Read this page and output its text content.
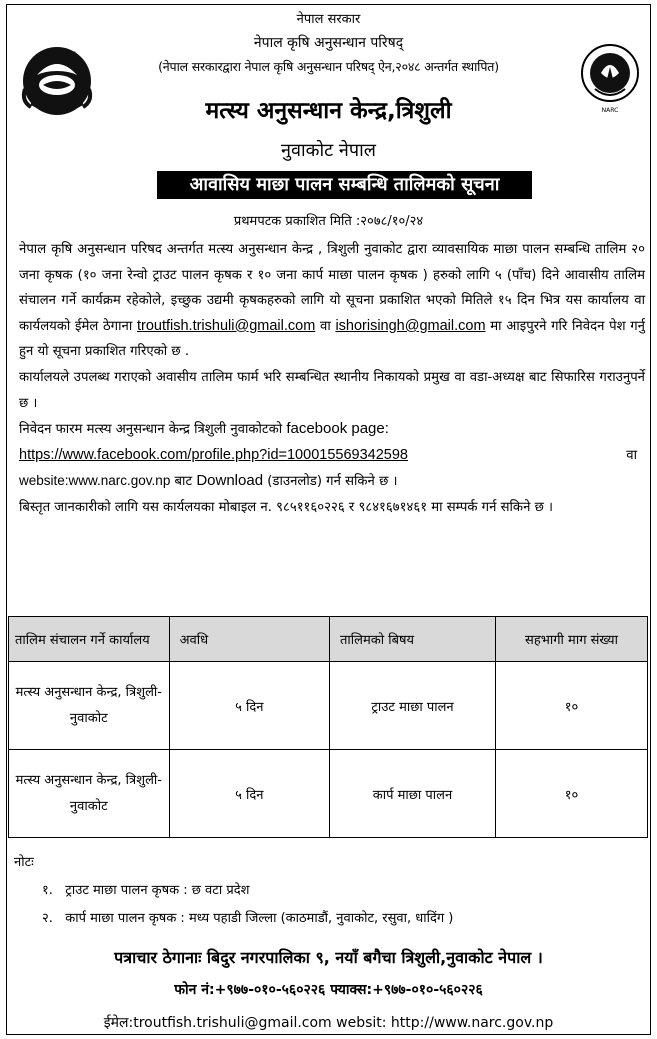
NARC
नेपाल सरकार
नेपाल कृषि अनुसन्धान परिषद्
(नेपाल सरकारद्वारा नेपाल कृषि अनुसन्धान परिषद् ऐन,२०४८ अन्तर्गत स्थापित)
मत्स्य अनुसन्धान केन्द्र,त्रिशुली
नुवाकोट नेपाल
आवासिय माछा पालन सम्बन्धि तालिमको सूचना
प्रथमपटक प्रकाशित मिति :२०७८/१०/२४

नेपाल कृषि अनुसन्धान परिषद अन्तर्गत मत्स्य अनुसन्धान केन्द्र , त्रिशुली नुवाकोट द्वारा व्यावसायिक माछा पालन सम्बन्धि तालिम २० जना कृषक (१० जना रेन्वो ट्राउट पालन कृषक र १० जना कार्प माछा पालन कृषक ) हरुको लागि ५ (पाँच) दिने आवासीय तालिम संचालन गर्ने कार्यक्रम रहेकोले, इच्छुक उद्यमी कृषकहरुको लागि यो सूचना प्रकाशित भएको मितिले १५ दिन भित्र यस कार्यालय वा कार्यलयको ईमेल ठेगाना troutfish.trishuli@gmail.com वा ishorisingh@gmail.com मा आइपुरने गरि निवेदन पेश गर्नु हुन यो सूचना प्रकाशित गरिएको छ .

कार्यालयले उपलब्ध गराएको अवासीय तालिम फार्म भरि सम्बन्धित स्थानीय निकायको प्रमुख वा वडा-अध्यक्ष बाट सिफारिस गराउनुपर्ने छ ।

निवेदन फारम मत्स्य अनुसन्धान केन्द्र त्रिशुली नुवाकोटको facebook page:
https://www.facebook.com/profile.php?id=100015569342598	वा

website:www.narc.gov.np बाट Download (डाउनलोड) गर्न सकिने छ ।

बिस्तृत जानकारीको लागि यस कार्यलयका मोबाइल न. ९८५११६०२२६ र ९८४१६७१४६१ मा सम्पर्क गर्न सकिने छ ।

तालिम संचालन गर्ने कार्यालय	अवधि	तालिमको बिषय	सहभागी माग संख्या
मत्स्य अनुसन्धान केन्द्र, त्रिशुली-नुवाकोट	५ दिन	ट्राउट माछा पालन	१०
मत्स्य अनुसन्धान केन्द्र, त्रिशुली-नुवाकोट	५ दिन	कार्प माछा पालन	१०
नोटः
१.   ट्राउट माछा पालन कृषक : छ वटा प्रदेश
२.   कार्प माछा पालन कृषक : मध्य पहाडी जिल्ला (काठमाडौं, नुवाकोट, रसुवा, धादिंग )
पत्राचार ठेगानाः बिदुर नगरपालिका ९, नयाँ बगैचा त्रिशुली,नुवाकोट नेपाल ।
फोन नं:+९७७-०१०-५६०२२६ फ्याक्स:+९७७-०१०-५६०२२६
ईमेल:troutfish.trishuli@gmail.com websit: http://www.narc.gov.np
